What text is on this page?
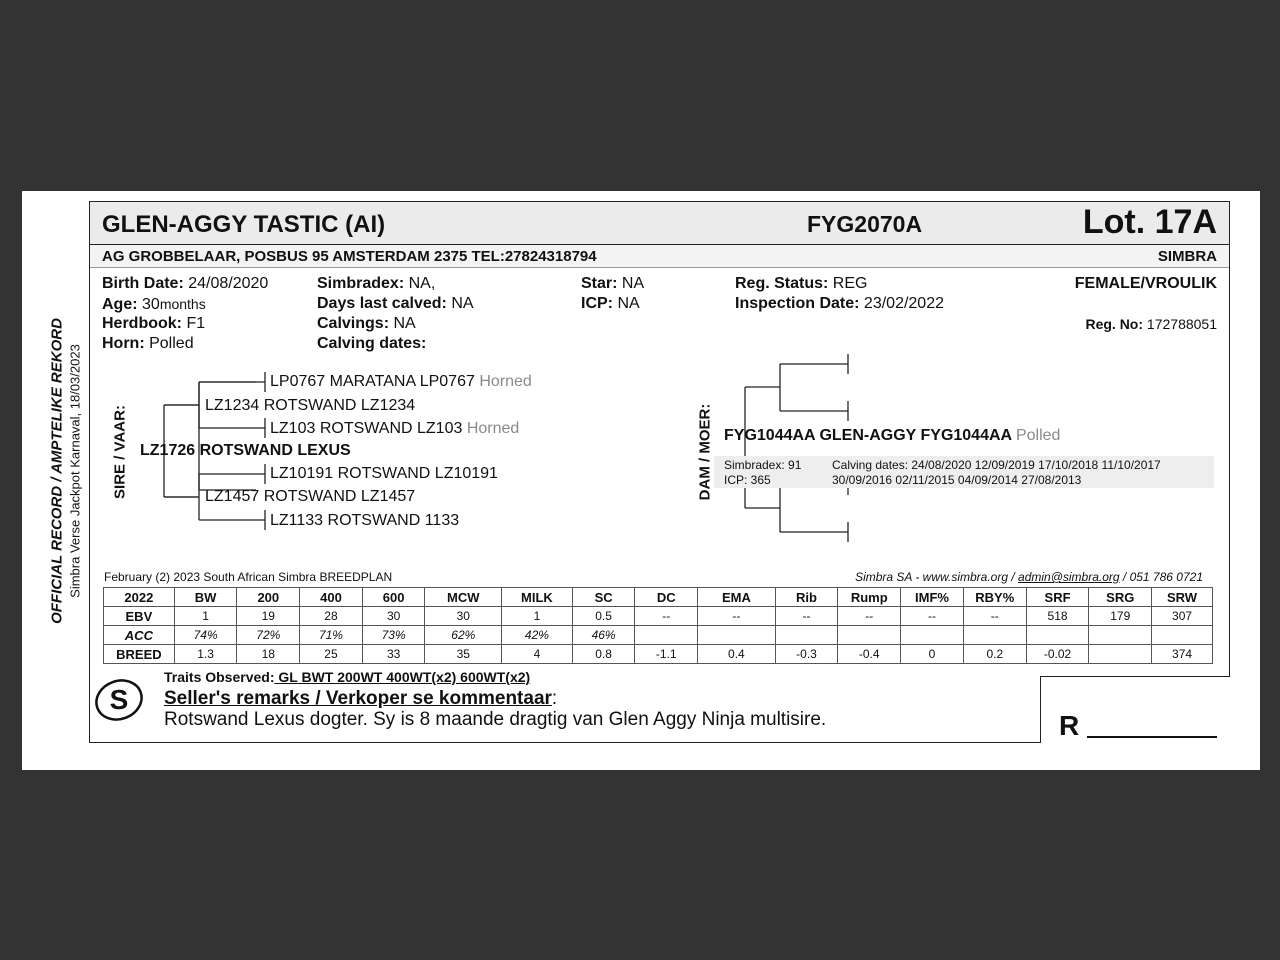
OFFICIAL RECORD / AMPTELIKE REKORD Simbra Verse Jackpot Karnaval, 18/03/2023
GLEN-AGGY TASTIC (AI)	FYG2070A	Lot. 17A
AG GROBBELAAR, POSBUS 95 AMSTERDAM 2375 TEL:27824318794	SIMBRA
Birth Date: 24/08/2020
Age: 30months
Herdbook: F1
Horn: Polled
Simbradex: NA,
Days last calved: NA
Calvings: NA
Calving dates:
Star: NA
ICP: NA
Reg. Status: REG
Inspection Date: 23/02/2022
FEMALE/VROULIK
Reg. No: 172788051
SIRE / VAAR:
LP0767 MARATANA LP0767 Horned
LZ1234 ROTSWAND LZ1234
LZ103 ROTSWAND LZ103 Horned
LZ1726 ROTSWAND LEXUS
LZ10191 ROTSWAND LZ10191
LZ1457 ROTSWAND LZ1457
LZ1133 ROTSWAND 1133
DAM / MOER: FYG1044AA GLEN-AGGY FYG1044AA Polled
Simbradex: 91
ICP: 365
Calving dates: 24/08/2020 12/09/2019 17/10/2018 11/10/2017
30/09/2016 02/11/2015 04/09/2014 27/08/2013
February (2) 2023 South African Simbra BREEDPLAN	Simbra SA - www.simbra.org / admin@simbra.org / 051 786 0721
2022	BW	200	400	600	MCW	MILK	SC	DC	EMA	Rib	Rump	IMF%	RBY%	SRF	SRG	SRW
EBV	1	19	28	30	30	1	0.5	--	--	--	--	--	--	518	179	307
ACC	74%	72%	71%	73%	62%	42%	46%									
BREED	1.3	18	25	33	35	4	0.8	-1.1	0.4	-0.3	-0.4	0	0.2	-0.02		374
S
Traits Observed: GL BWT 200WT 400WT(x2) 600WT(x2)
Seller's remarks / Verkoper se kommentaar:
Rotswand Lexus dogter. Sy is 8 maande dragtig van Glen Aggy Ninja multisire.	R
